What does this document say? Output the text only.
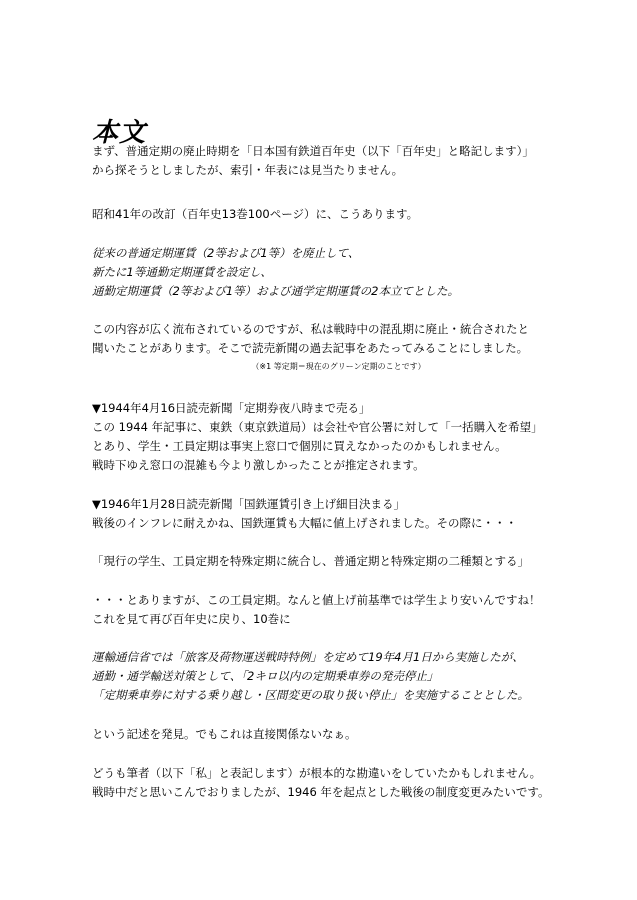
本文
まず、普通定期の廃止時期を「日本国有鉄道百年史（以下「百年史」と略記します）」
から探そうとしましたが、索引・年表には見当たりません。
昭和41年の改訂（百年史13巻100ページ）に、こうあります。
従来の普通定期運賃（2等および1等）を廃止して、
新たに1等通勤定期運賃を設定し、
通勤定期運賃（2等および1等）および通学定期運賃の2本立てとした。
この内容が広く流布されているのですが、私は戦時中の混乱期に廃止・統合されたと
聞いたことがあります。そこで読売新聞の過去記事をあたってみることにしました。
（※1 等定期＝現在のグリーン定期のことです）
▼1944年4月16日読売新聞「定期券夜八時まで売る」
この 1944 年記事に、東鉄（東京鉄道局）は会社や官公署に対して「一括購入を希望」
とあり、学生・工員定期は事実上窓口で個別に買えなかったのかもしれません。
戦時下ゆえ窓口の混雑も今より激しかったことが推定されます。
▼1946年1月28日読売新聞「国鉄運賃引き上げ細目決まる」
戦後のインフレに耐えかね、国鉄運賃も大幅に値上げされました。その際に・・・
「現行の学生、工員定期を特殊定期に統合し、普通定期と特殊定期の二種類とする」
・・・とありますが、この工員定期。なんと値上げ前基準では学生より安いんですね！
これを見て再び百年史に戻り、10巻に
運輸通信省では「旅客及荷物運送戦時特例」を定めて19年4月1日から実施したが、
通勤・通学輸送対策として、「2キロ以内の定期乗車券の発売停止」
「定期乗車券に対する乗り越し・区間変更の取り扱い停止」を実施することとした。
という記述を発見。でもこれは直接関係ないなぁ。
どうも筆者（以下「私」と表記します）が根本的な勘違いをしていたかもしれません。
戦時中だと思いこんでおりましたが、1946 年を起点とした戦後の制度変更みたいです。
